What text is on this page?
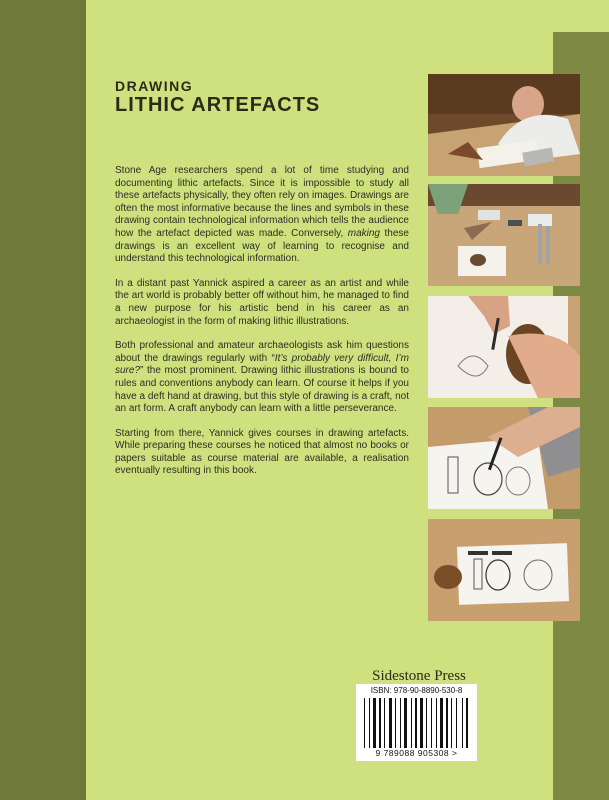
DRAWING
LITHIC ARTEFACTS

Stone Age researchers spend a lot of time studying and documenting lithic artefacts. Since it is impossible to study all these artefacts physically, they often rely on images. Drawings are often the most informative because the lines and symbols in these drawing contain technological information which tells the audience how the artefact depicted was made. Conversely, making these drawings is an excellent way of learning to recognise and understand this technological information.

In a distant past Yannick aspired a career as an artist and while the art world is probably better off without him, he managed to find a new purpose for his artistic bend in his career as an archaeologist in the form of making lithic illustrations.

Both professional and amateur archaeologists ask him questions about the drawings regularly with “It’s probably very difficult, I’m sure?” the most prominent. Drawing lithic illustrations is bound to rules and conventions anybody can learn. Of course it helps if you have a deft hand at drawing, but this style of drawing is a craft, not an art form. A craft anybody can learn with a little perseverance.

Starting from there, Yannick gives courses in drawing artefacts. While preparing these courses he noticed that almost no books or papers suitable as course material are available, a realisation eventually resulting in this book.

Sidestone Press
ISBN: 978-90-8890-530-8
9 789088 905308 >
